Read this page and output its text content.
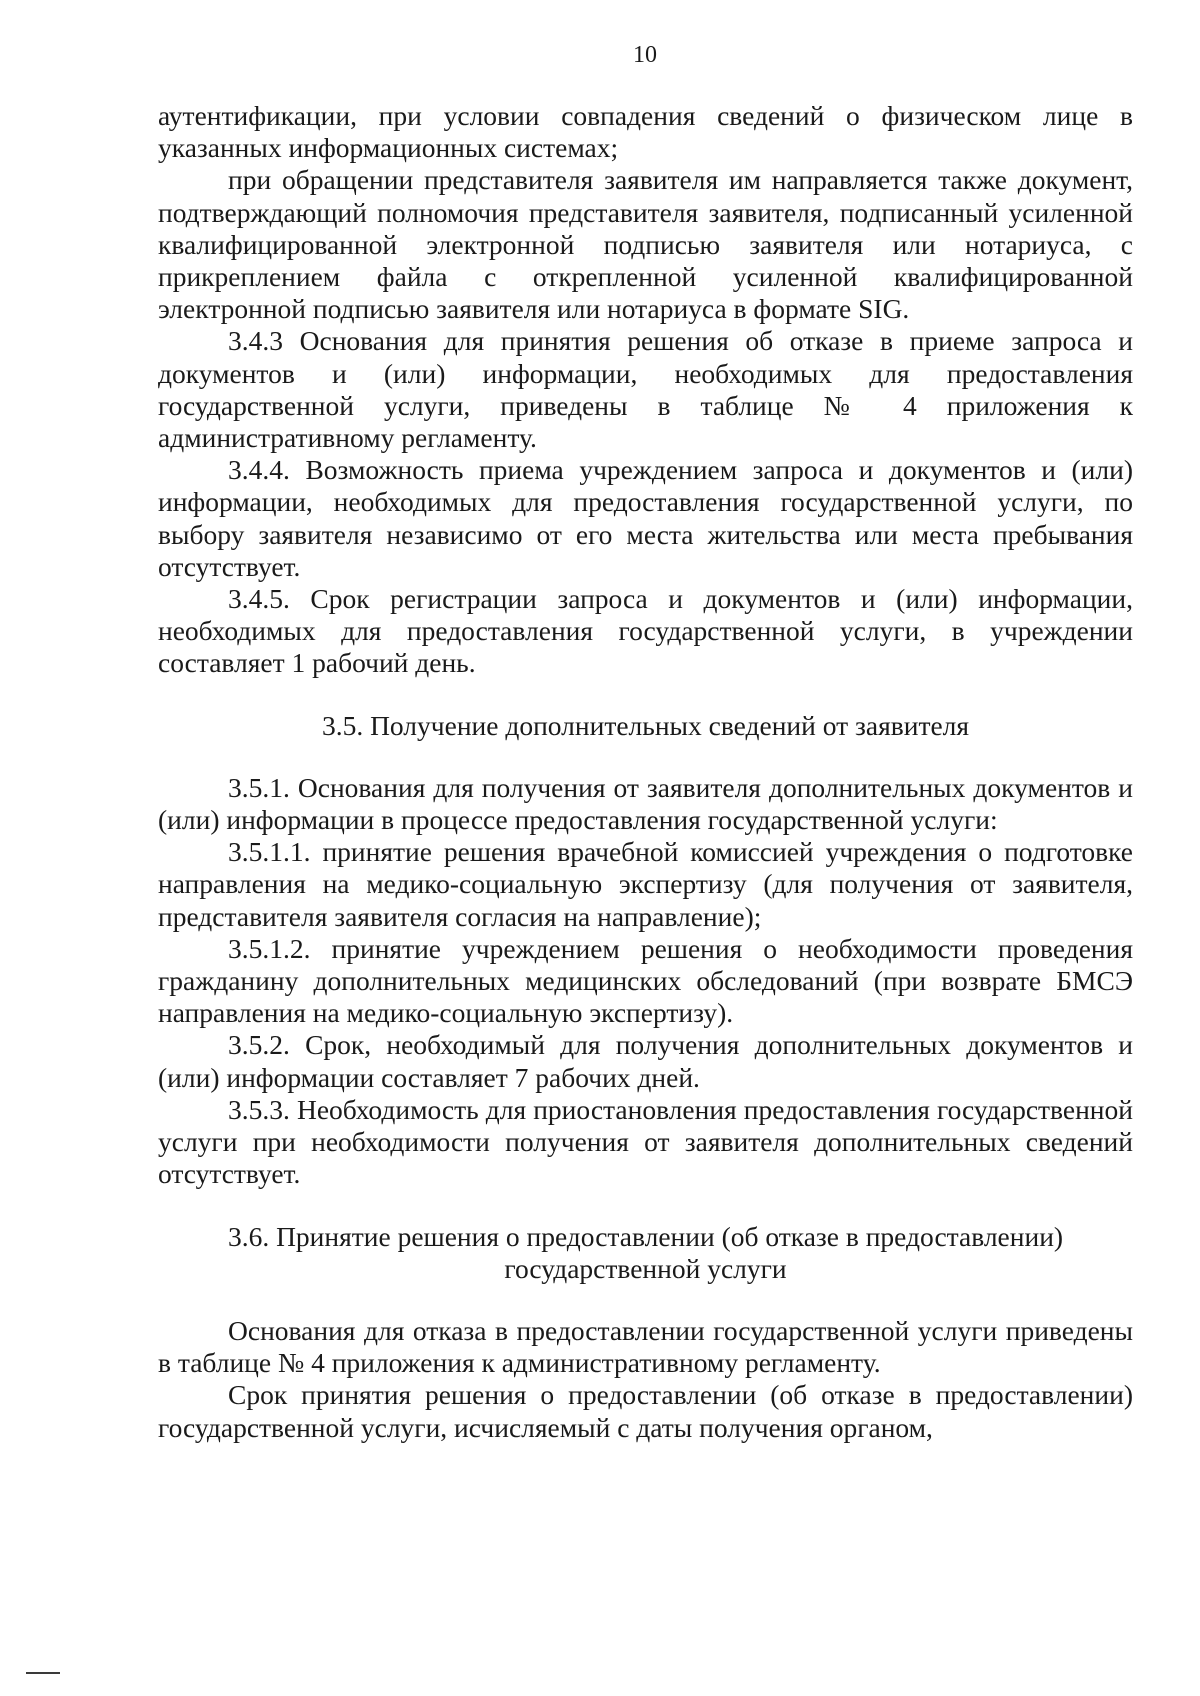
10

аутентификации, при условии совпадения сведений о физическом лице в указанных информационных системах;

при обращении представителя заявителя им направляется также документ, подтверждающий полномочия представителя заявителя, подписанный усиленной квалифицированной электронной подписью заявителя или нотариуса, с прикреплением файла с открепленной усиленной квалифицированной электронной подписью заявителя или нотариуса в формате SIG.

3.4.3 Основания для принятия решения об отказе в приеме запроса и документов и (или) информации, необходимых для предоставления государственной услуги, приведены в таблице № 4 приложения к административному регламенту.

3.4.4. Возможность приема учреждением запроса и документов и (или) информации, необходимых для предоставления государственной услуги, по выбору заявителя независимо от его места жительства или места пребывания отсутствует.

3.4.5. Срок регистрации запроса и документов и (или) информации, необходимых для предоставления государственной услуги, в учреждении составляет 1 рабочий день.

3.5. Получение дополнительных сведений от заявителя

3.5.1. Основания для получения от заявителя дополнительных документов и (или) информации в процессе предоставления государственной услуги:

3.5.1.1. принятие решения врачебной комиссией учреждения о подготовке направления на медико-социальную экспертизу (для получения от заявителя, представителя заявителя согласия на направление);

3.5.1.2. принятие учреждением решения о необходимости проведения гражданину дополнительных медицинских обследований (при возврате БМСЭ направления на медико-социальную экспертизу).

3.5.2. Срок, необходимый для получения дополнительных документов и (или) информации составляет 7 рабочих дней.

3.5.3. Необходимость для приостановления предоставления государственной услуги при необходимости получения от заявителя дополнительных сведений отсутствует.

3.6. Принятие решения о предоставлении (об отказе в предоставлении)
государственной услуги

Основания для отказа в предоставлении государственной услуги приведены в таблице № 4 приложения к административному регламенту.

Срок принятия решения о предоставлении (об отказе в предоставлении) государственной услуги, исчисляемый с даты получения органом,
